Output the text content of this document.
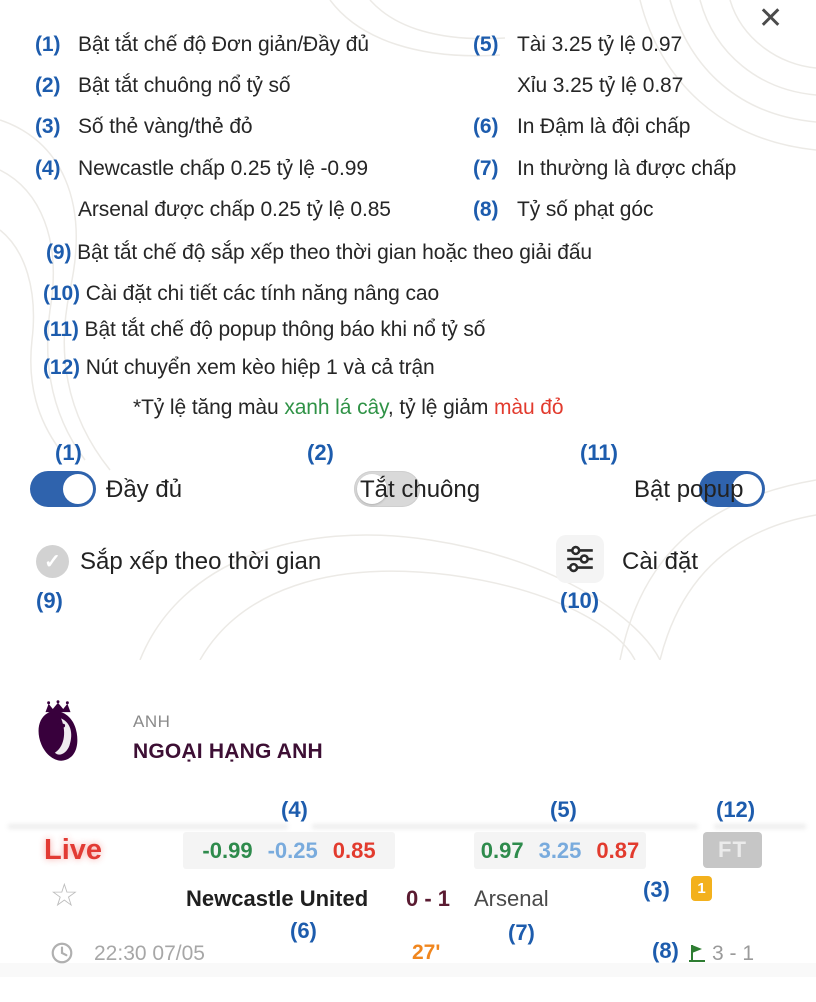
✕
(1) Bật tắt chế độ Đơn giản/Đầy đủ	(5) Tài 3.25 tỷ lệ 0.97
(2) Bật tắt chuông nổ tỷ số	Xỉu 3.25 tỷ lệ 0.87
(3) Số thẻ vàng/thẻ đỏ	(6) In Đậm là đội chấp
(4) Newcastle chấp 0.25 tỷ lệ -0.99	(7) In thường là được chấp
Arsenal được chấp 0.25 tỷ lệ 0.85	(8) Tỷ số phạt góc
(9) Bật tắt chế độ sắp xếp theo thời gian hoặc theo giải đấu
(10) Cài đặt chi tiết các tính năng nâng cao
(11) Bật tắt chế độ popup thông báo khi nổ tỷ số
(12) Nút chuyển xem kèo hiệp 1 và cả trận
*Tỷ lệ tăng màu xanh lá cây, tỷ lệ giảm màu đỏ
(1)	(2)	(11)

Đầy đủ
	Tắt chuông	Bật popup
✓ Sắp xếp theo thời gian
(9)
Cài đặt
(10)
ANH
NGOẠI HẠNG ANH
(4)	(5)	(12)
Live	-0.99 -0.25 0.85	0.97 3.25 0.87	FT
(3)	1
☆	Newcastle United 0 - 1 Arsenal
(6)	(7)
22:30 07/05	27'	(8) 3 - 1
